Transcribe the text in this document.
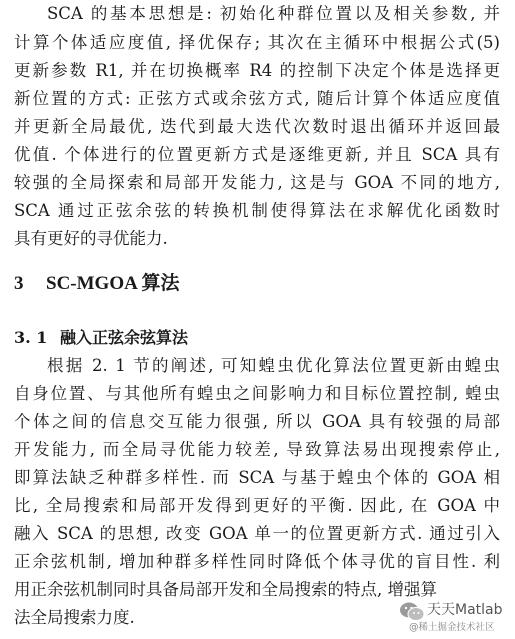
SCA 的基本思想是: 初始化种群位置以及相关参数, 并
计算个体适应度值, 择优保存; 其次在主循环中根据公式(5)
更新参数 R1, 并在切换概率 R4 的控制下决定个体是选择更
新位置的方式: 正弦方式或余弦方式, 随后计算个体适应度值
并更新全局最优, 迭代到最大迭代次数时退出循环并返回最
优值. 个体进行的位置更新方式是逐维更新, 并且 SCA 具有
较强的全局探索和局部开发能力, 这是与 GOA 不同的地方,
SCA 通过正弦余弦的转换机制使得算法在求解优化函数时
具有更好的寻优能力.
3 SC-MGOA 算法
3. 1 融入正弦余弦算法
根据 2. 1 节的阐述, 可知蝗虫优化算法位置更新由蝗虫
自身位置、与其他所有蝗虫之间影响力和目标位置控制, 蝗虫
个体之间的信息交互能力很强, 所以 GOA 具有较强的局部
开发能力, 而全局寻优能力较差, 导致算法易出现搜索停止,
即算法缺乏种群多样性. 而 SCA 与基于蝗虫个体的 GOA 相
比, 全局搜索和局部开发得到更好的平衡. 因此, 在 GOA 中
融入 SCA 的思想, 改变 GOA 单一的位置更新方式. 通过引入
正余弦机制, 增加种群多样性同时降低个体寻优的盲目性. 利
用正余弦机制同时具备局部开发和全局搜索的特点, 增强算
法全局搜索力度.	天天Matlab
@稀土掘金技术社区
